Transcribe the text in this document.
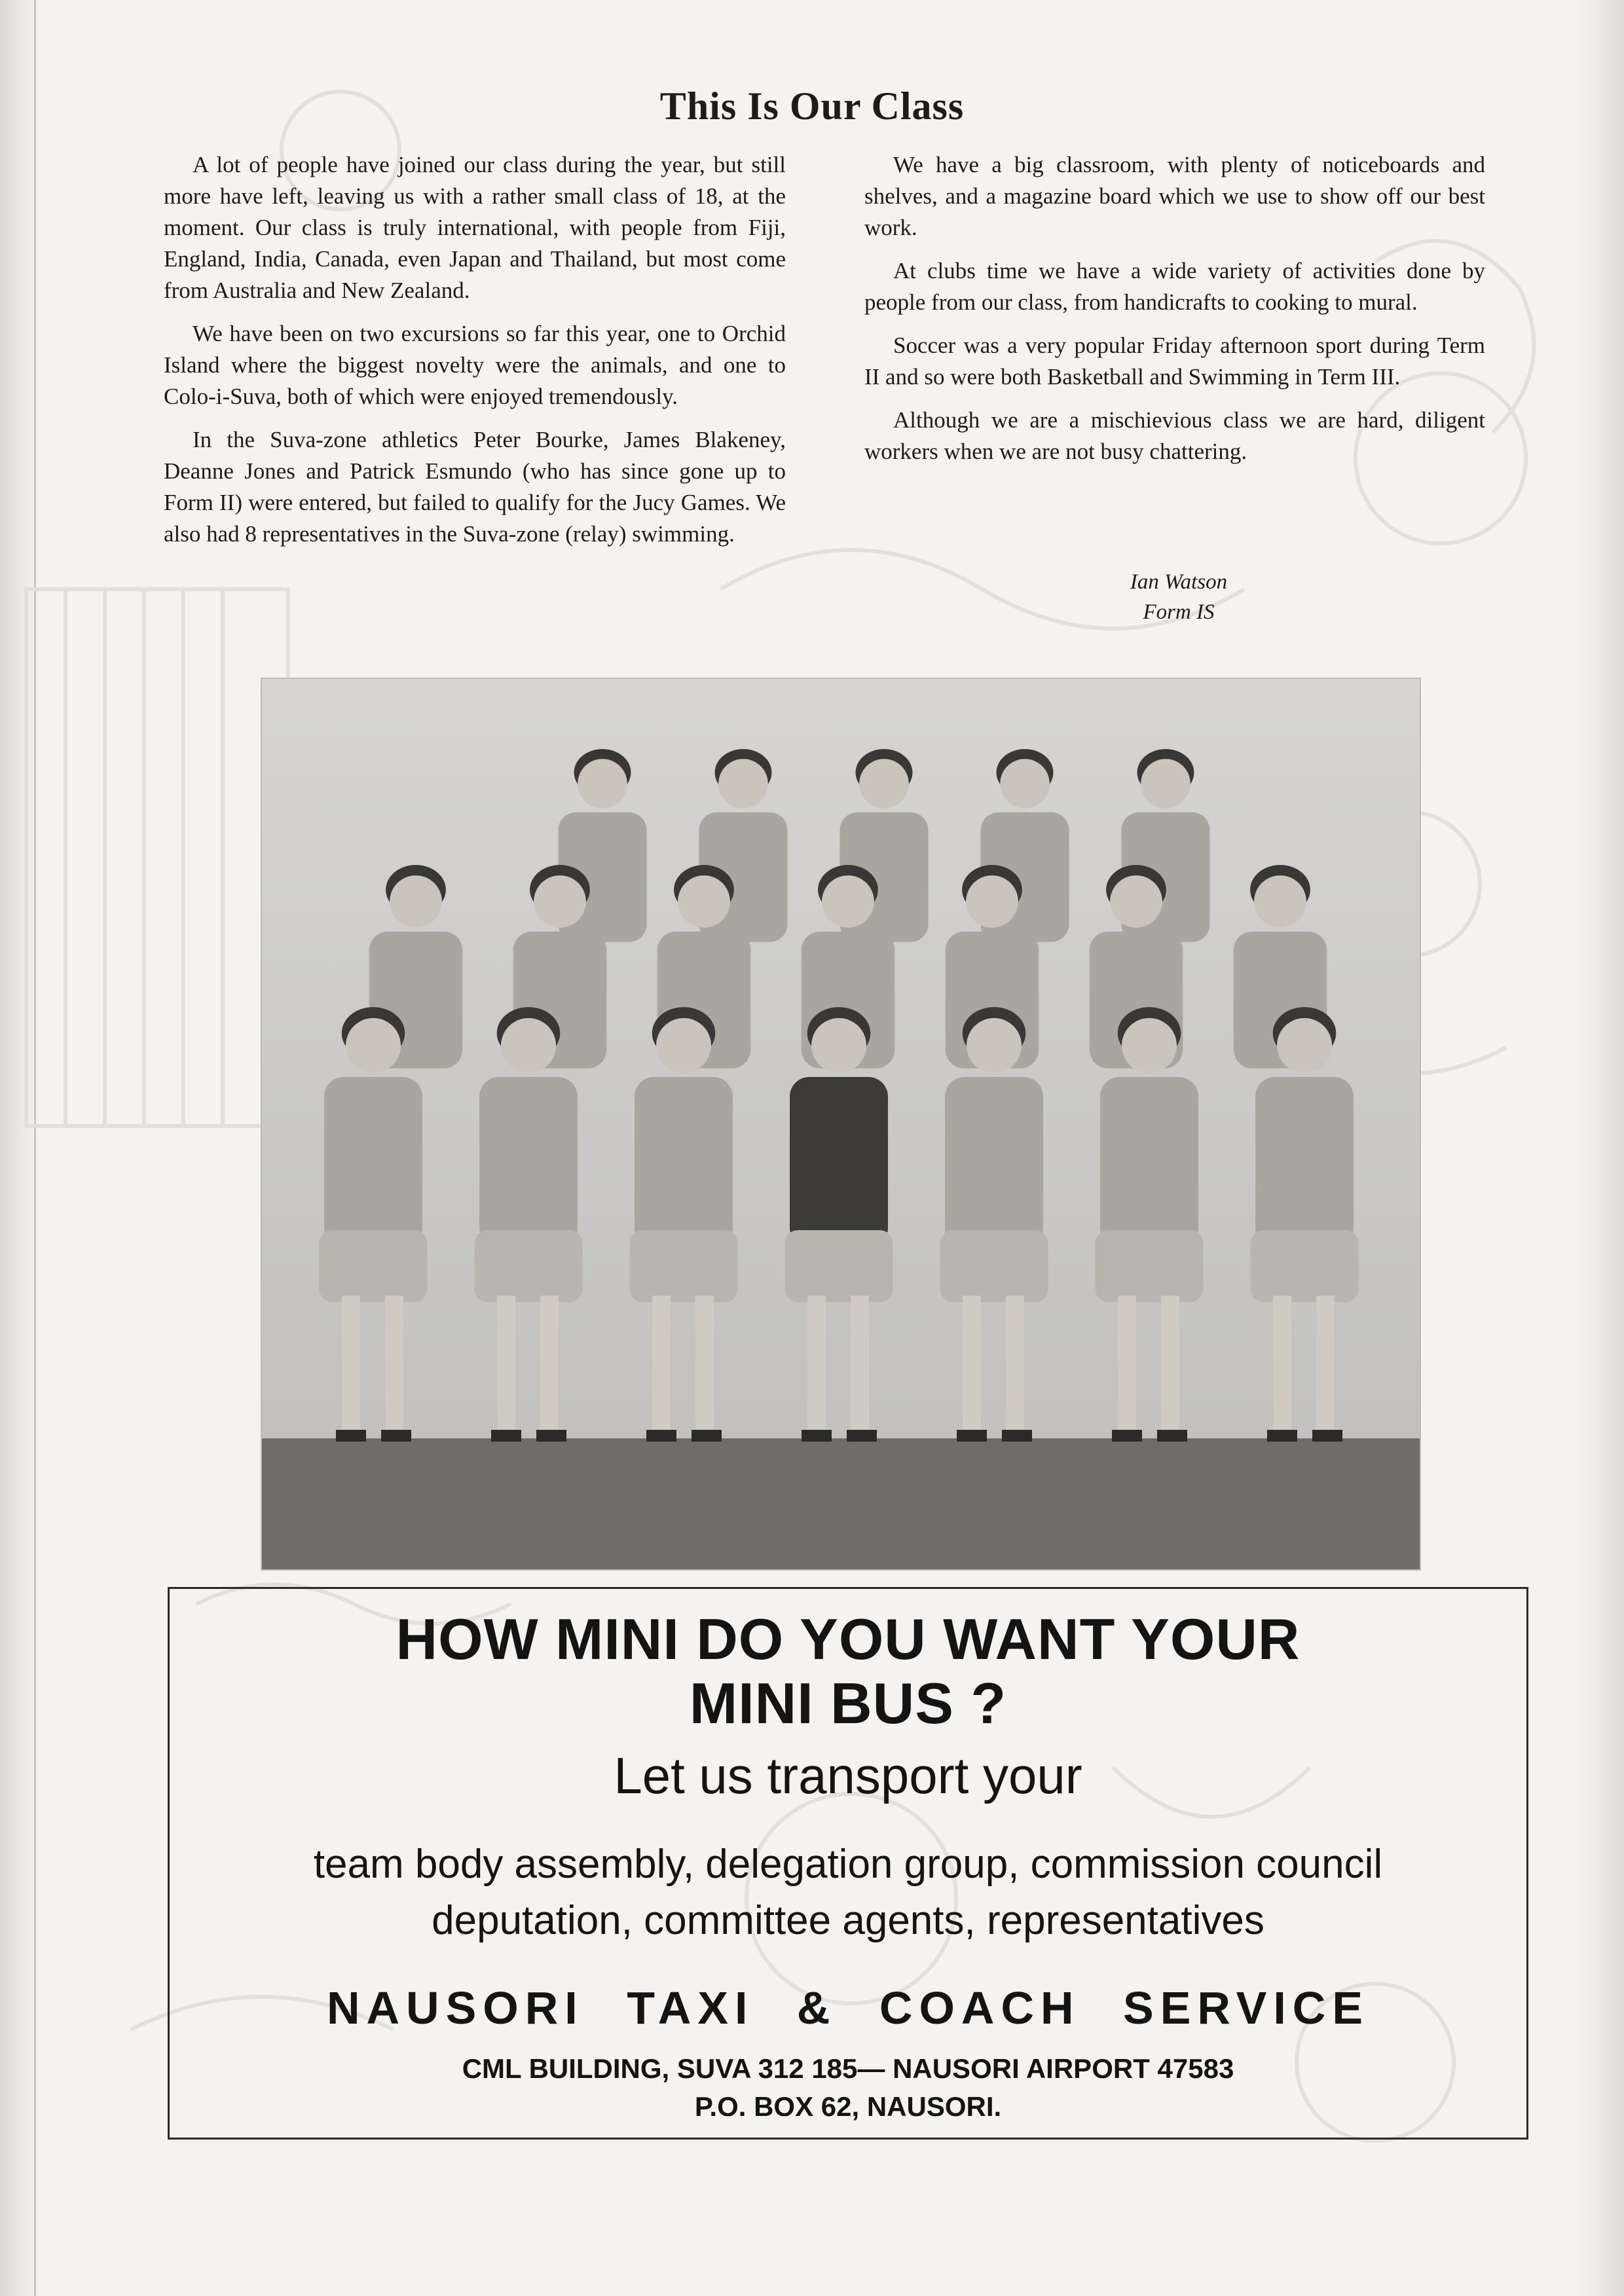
This Is Our Class

A lot of people have joined our class during the year, but still more have left, leaving us with a rather small class of 18, at the moment. Our class is truly international, with people from Fiji, England, India, Canada, even Japan and Thailand, but most come from Australia and New Zealand.

We have been on two excursions so far this year, one to Orchid Island where the biggest novelty were the animals, and one to Colo-i-Suva, both of which were enjoyed tremendously.

In the Suva-zone athletics Peter Bourke, James Blakeney, Deanne Jones and Patrick Esmundo (who has since gone up to Form II) were entered, but failed to qualify for the Jucy Games. We also had 8 representatives in the Suva-zone (relay) swimming.

We have a big classroom, with plenty of noticeboards and shelves, and a magazine board which we use to show off our best work.

At clubs time we have a wide variety of activities done by people from our class, from handicrafts to cooking to mural.

Soccer was a very popular Friday afternoon sport during Term II and so were both Basketball and Swimming in Term III.

Although we are a mischievious class we are hard, diligent workers when we are not busy chattering.

Ian Watson
Form IS
HOW MINI DO YOU WANT YOUR
MINI BUS ?
Let us transport your
team body assembly, delegation group, commission council
deputation, committee agents, representatives
NAUSORI TAXI & COACH SERVICE
CML BUILDING, SUVA 312 185— NAUSORI AIRPORT 47583
P.O. BOX 62, NAUSORI.
